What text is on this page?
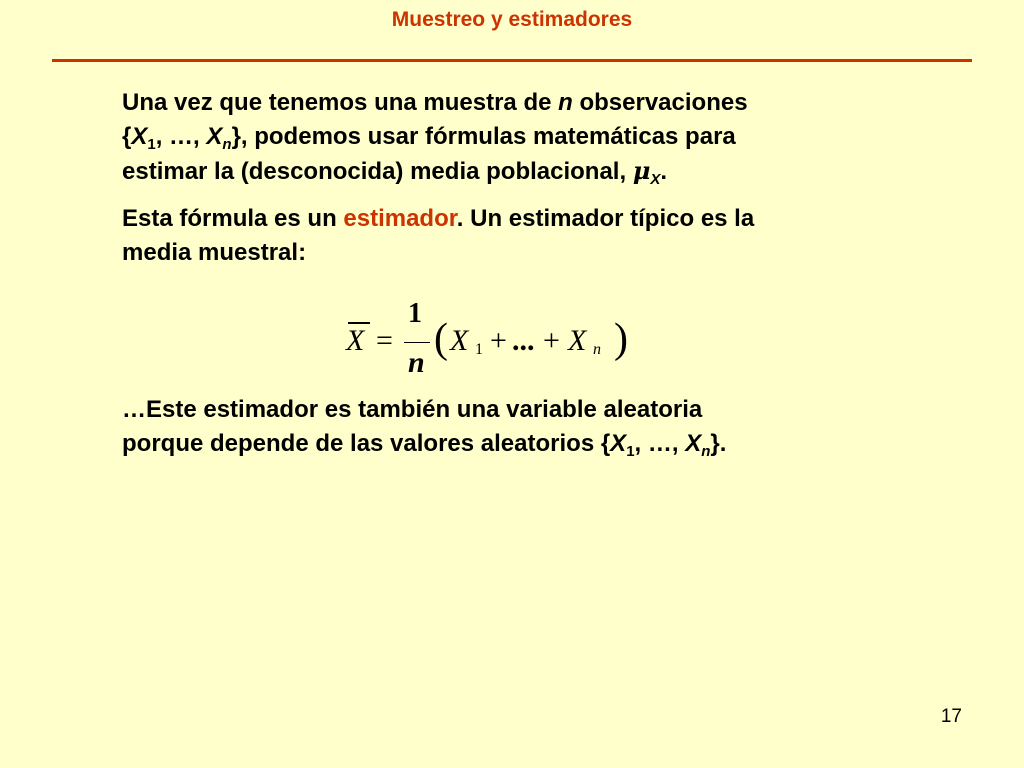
Muestreo y estimadores
Una vez que tenemos una muestra de n observaciones
{$X_1$, …, $X_n$}, podemos usar fórmulas matemáticas para
estimar la (desconocida) media poblacional, $\mu_X$.
Esta fórmula es un estimador. Un estimador típico es la
media muestral:
X =
1
n
( X 1 + ... + X n )
…Este estimador es también una variable aleatoria
porque depende de las valores aleatorios {$X_1$, …, $X_n$}.
17
